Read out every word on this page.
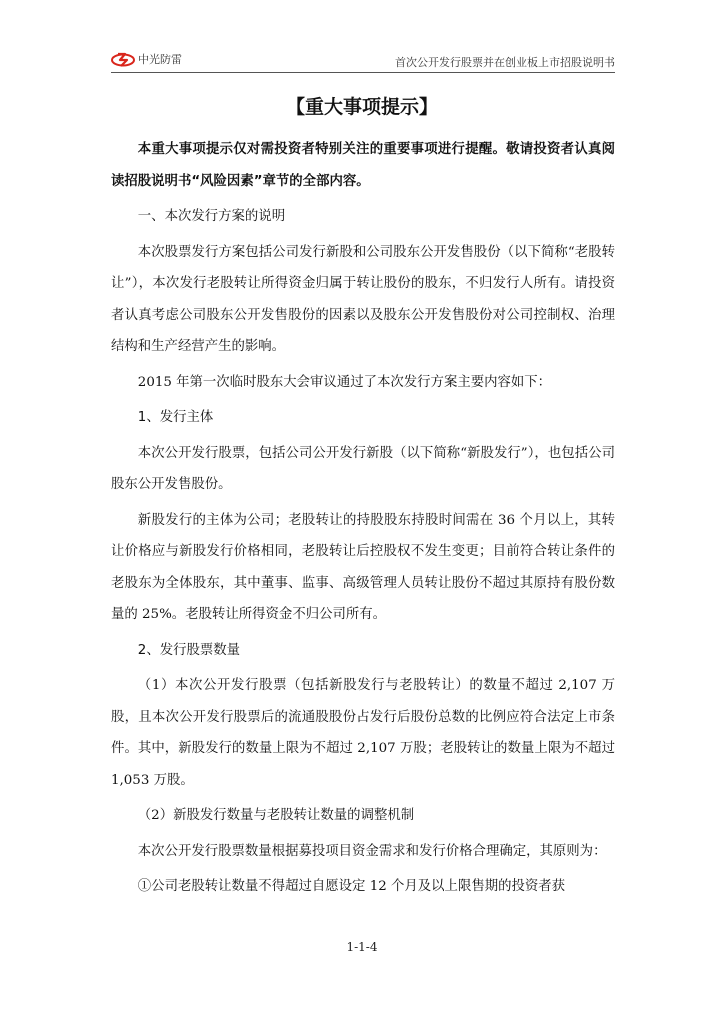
中光防雷	首次公开发行股票并在创业板上市招股说明书
【重大事项提示】

本重大事项提示仅对需投资者特别关注的重要事项进行提醒。敬请投资者认真阅读招股说明书“风险因素”章节的全部内容。

一、本次发行方案的说明

本次股票发行方案包括公司发行新股和公司股东公开发售股份（以下简称“老股转让”），本次发行老股转让所得资金归属于转让股份的股东，不归发行人所有。请投资者认真考虑公司股东公开发售股份的因素以及股东公开发售股份对公司控制权、治理结构和生产经营产生的影响。

2015 年第一次临时股东大会审议通过了本次发行方案主要内容如下：

1、发行主体

本次公开发行股票，包括公司公开发行新股（以下简称“新股发行”），也包括公司股东公开发售股份。

新股发行的主体为公司；老股转让的持股股东持股时间需在 36 个月以上，其转让价格应与新股发行价格相同，老股转让后控股权不发生变更；目前符合转让条件的老股东为全体股东，其中董事、监事、高级管理人员转让股份不超过其原持有股份数量的 25%。老股转让所得资金不归公司所有。

2、发行股票数量

（1）本次公开发行股票（包括新股发行与老股转让）的数量不超过 2,107 万股，且本次公开发行股票后的流通股股份占发行后股份总数的比例应符合法定上市条件。其中，新股发行的数量上限为不超过 2,107 万股；老股转让的数量上限为不超过 1,053 万股。

（2）新股发行数量与老股转让数量的调整机制

本次公开发行股票数量根据募投项目资金需求和发行价格合理确定，其原则为：

①公司老股转让数量不得超过自愿设定 12 个月及以上限售期的投资者获

1-1-4
